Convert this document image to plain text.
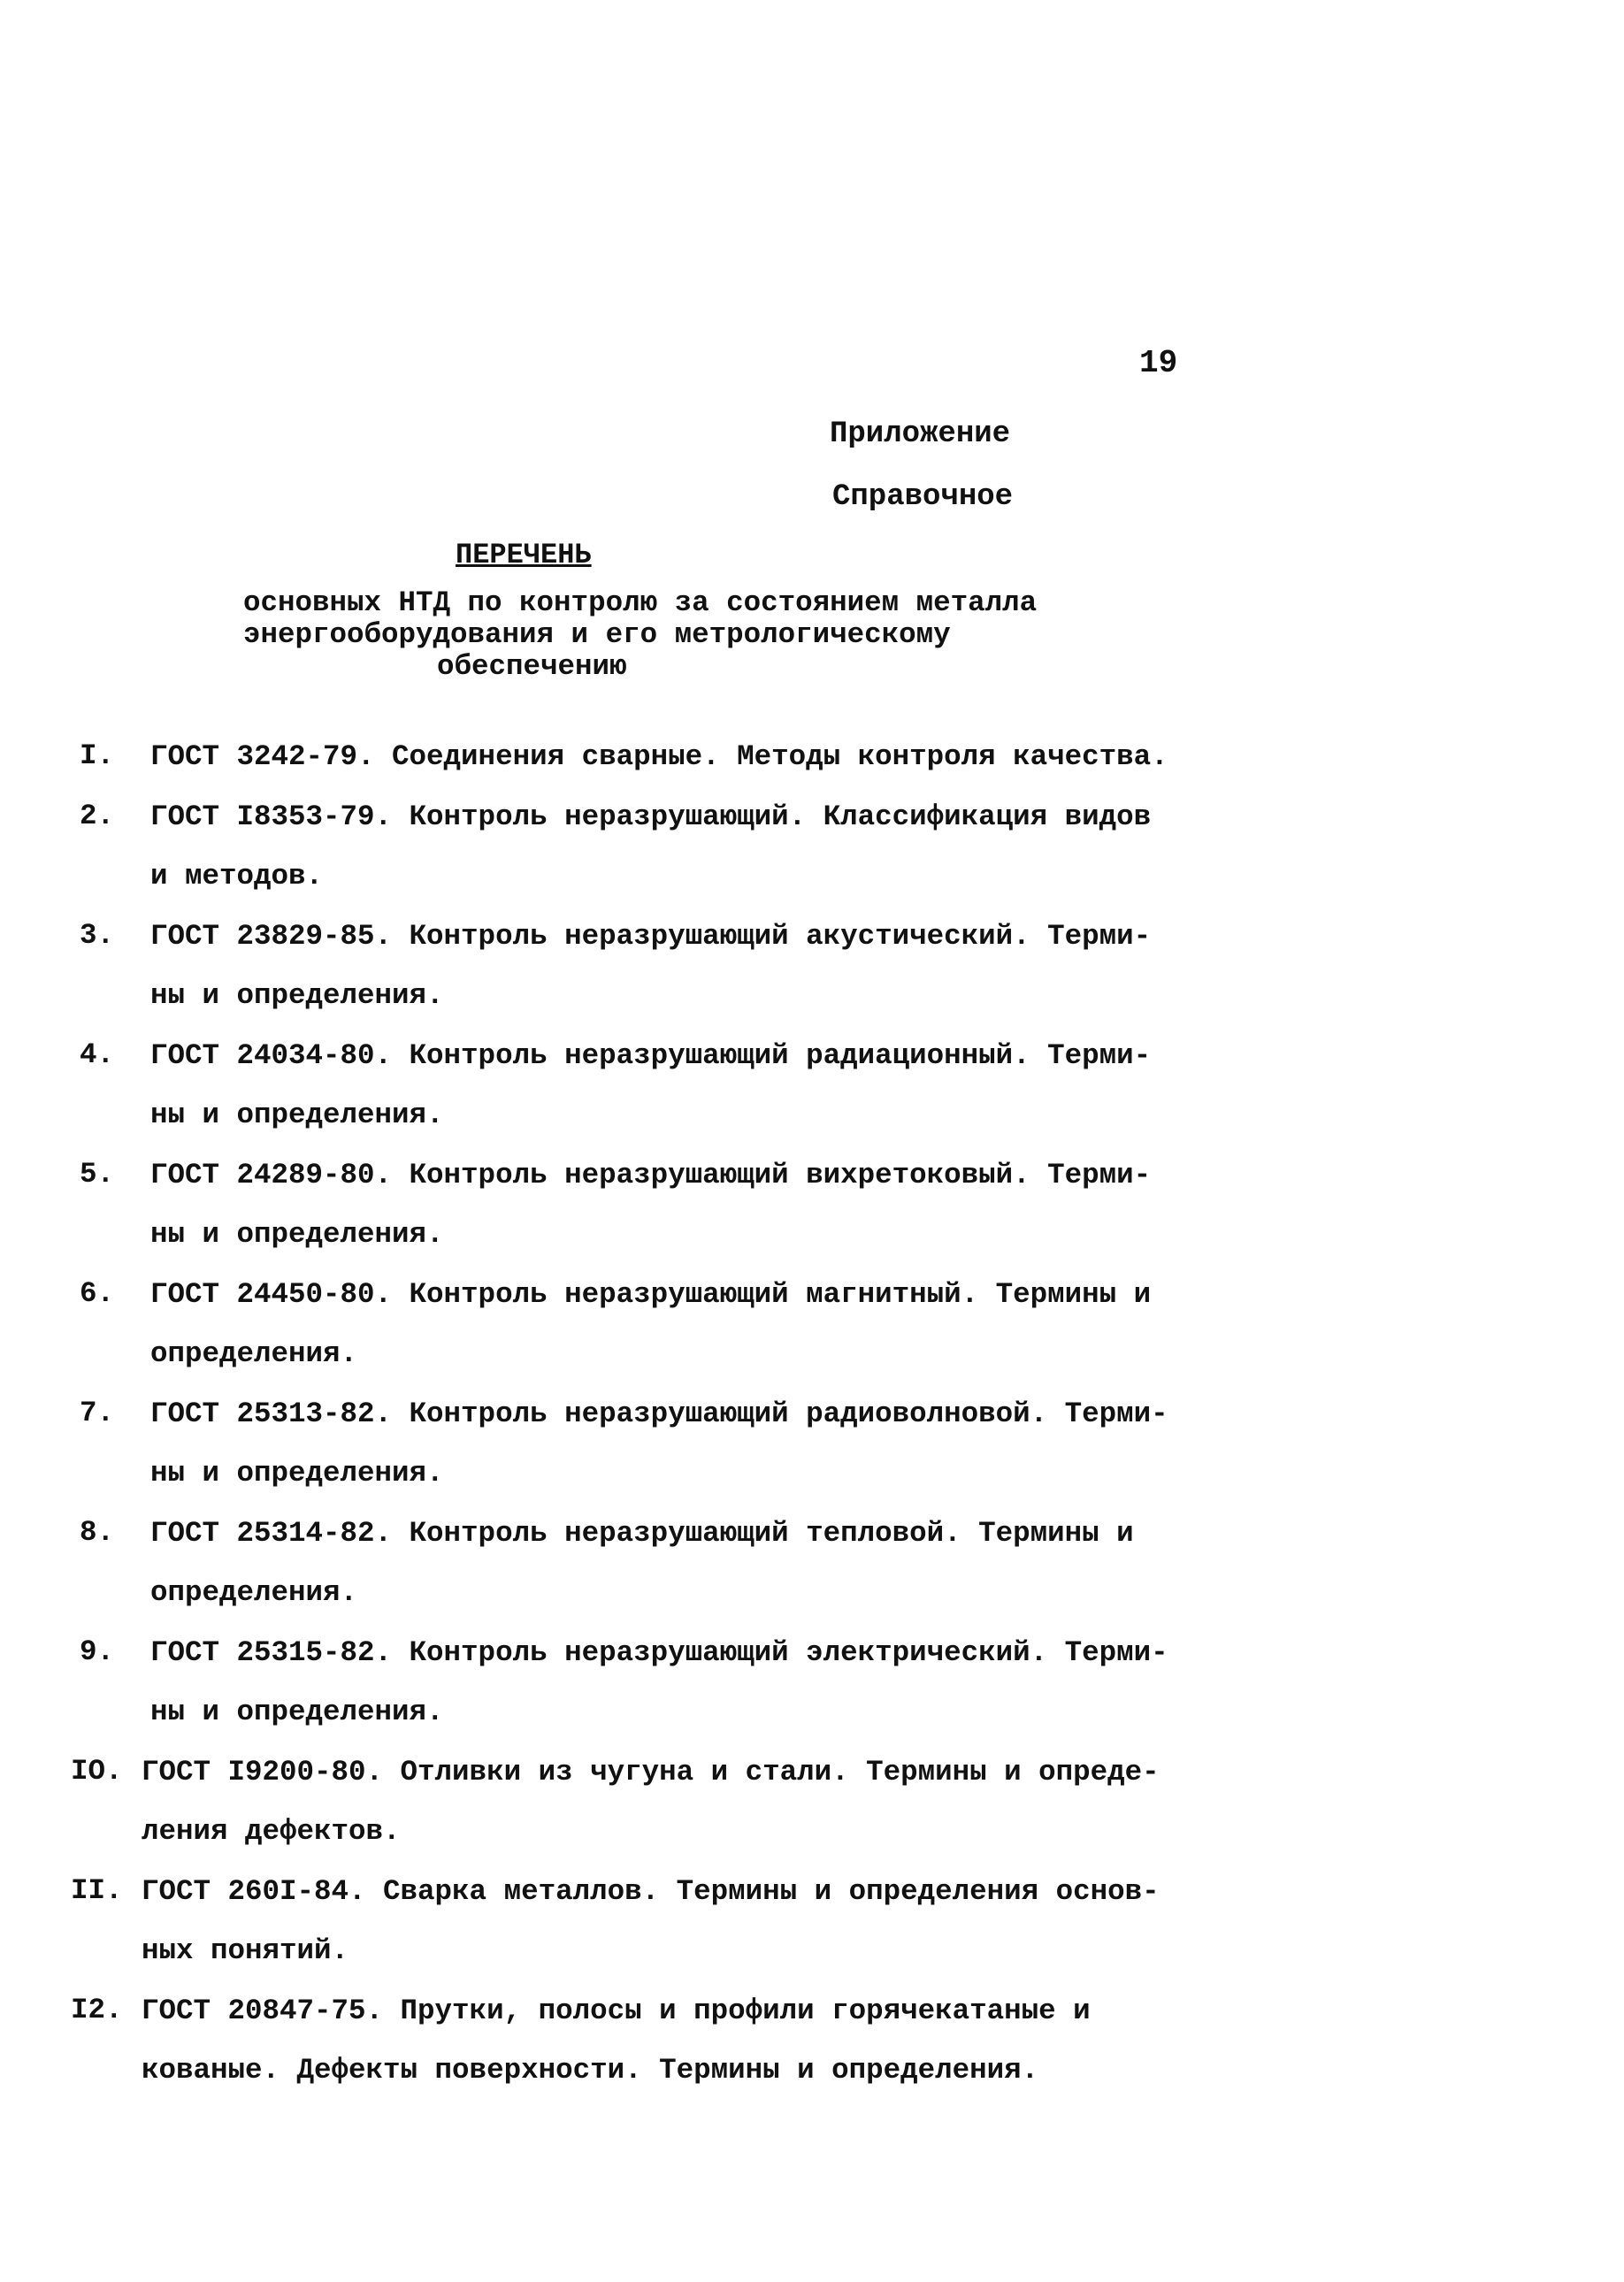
19
Приложение
Справочное
ПЕРЕЧЕНЬ
основных НТД по контролю за состоянием металла
энергооборудования и его метрологическому
обеспечению
I.	ГОСТ 3242-79. Соединения сварные. Методы контроля качества.
2.	ГОСТ I8353-79. Контроль неразрушающий. Классификация видов
и методов.
3.	ГОСТ 23829-85. Контроль неразрушающий акустический. Терми-
ны и определения.
4.	ГОСТ 24034-80. Контроль неразрушающий радиационный. Терми-
ны и определения.
5.	ГОСТ 24289-80. Контроль неразрушающий вихретоковый. Терми-
ны и определения.
6.	ГОСТ 24450-80. Контроль неразрушающий магнитный. Термины и
определения.
7.	ГОСТ 25313-82. Контроль неразрушающий радиоволновой. Терми-
ны и определения.
8.	ГОСТ 25314-82. Контроль неразрушающий тепловой. Термины и
определения.
9.	ГОСТ 25315-82. Контроль неразрушающий электрический. Терми-
ны и определения.
IO. ГОСТ I9200-80. Отливки из чугуна и стали. Термины и опреде-
ления дефектов.
II. ГОСТ 260I-84. Сварка металлов. Термины и определения основ-
ных понятий.
I2. ГОСТ 20847-75. Прутки, полосы и профили горячекатаные и
кованые. Дефекты поверхности. Термины и определения.
